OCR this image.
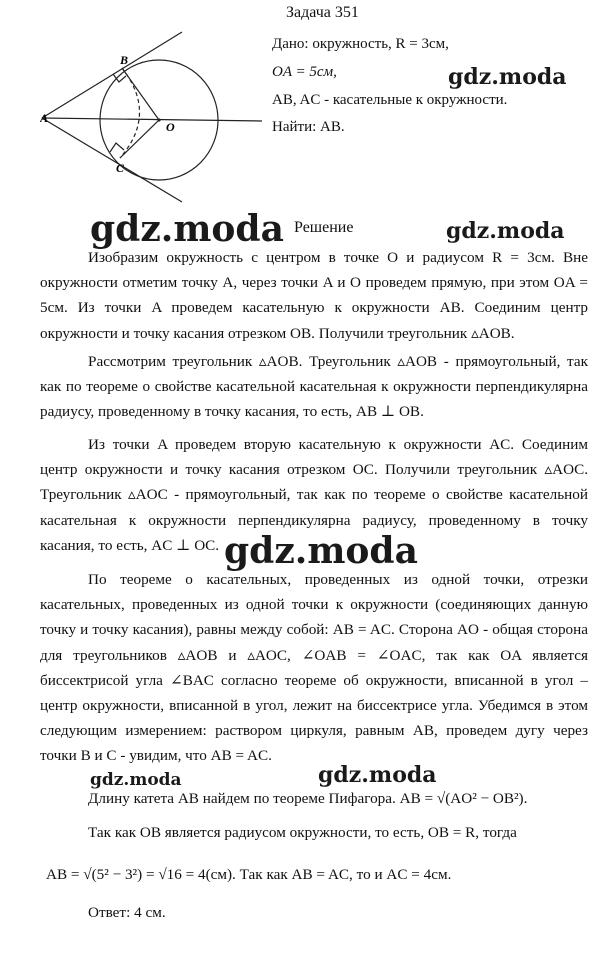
Задача 351
Дано: окружность, R = 3см,
OA = 5см,
AB, AC - касательные к окружности.
Найти: AB.
A
B
C
O
gdz.moda
gdz.moda	gdz.moda
gdz.moda
gdz.moda	gdz.moda
Решение

Изобразим окружность с центром в точке O и радиусом R = 3см. Вне окружности отметим точку A, через точки A и O проведем прямую, при этом OA = 5см. Из точки A проведем касательную к окружности AB. Соединим центр окружности и точку касания отрезком OB. Получили треугольник ▵AOB.

Рассмотрим треугольник ▵AOB. Треугольник ▵AOB - прямоугольный, так как по теореме о свойстве касательной касательная к окружности перпендикулярна радиусу, проведенному в точку касания, то есть, AB ⊥ OB.

Из точки A проведем вторую касательную к окружности AC. Соединим центр окружности и точку касания отрезком OC. Получили треугольник ▵AOC. Треугольник ▵AOC - прямоугольный, так как по теореме о свойстве касательной касательная к окружности перпендикулярна радиусу, проведенному в точку касания, то есть, AC ⊥ OC.

По теореме о касательных, проведенных из одной точки, отрезки касательных, проведенных из одной точки к окружности (соединяющих данную точку и точку касания), равны между собой: AB = AC. Сторона AO - общая сторона для треугольников ▵AOB и ▵AOC, ∠OAB = ∠OAC, так как OA является биссектрисой угла ∠BAC согласно теореме об окружности, вписанной в угол – центр окружности, вписанной в угол, лежит на биссектрисе угла. Убедимся в этом следующим измерением: раствором циркуля, равным AB, проведем дугу через точки B и C - увидим, что AB = AC.

Длину катета AB найдем по теореме Пифагора. AB = √(AO² − OB²).
Так как OB является радиусом окружности, то есть, OB = R, тогда
AB = √(5² − 3²) = √16 = 4(см). Так как AB = AC, то и AC = 4см.
Ответ: 4 см.
